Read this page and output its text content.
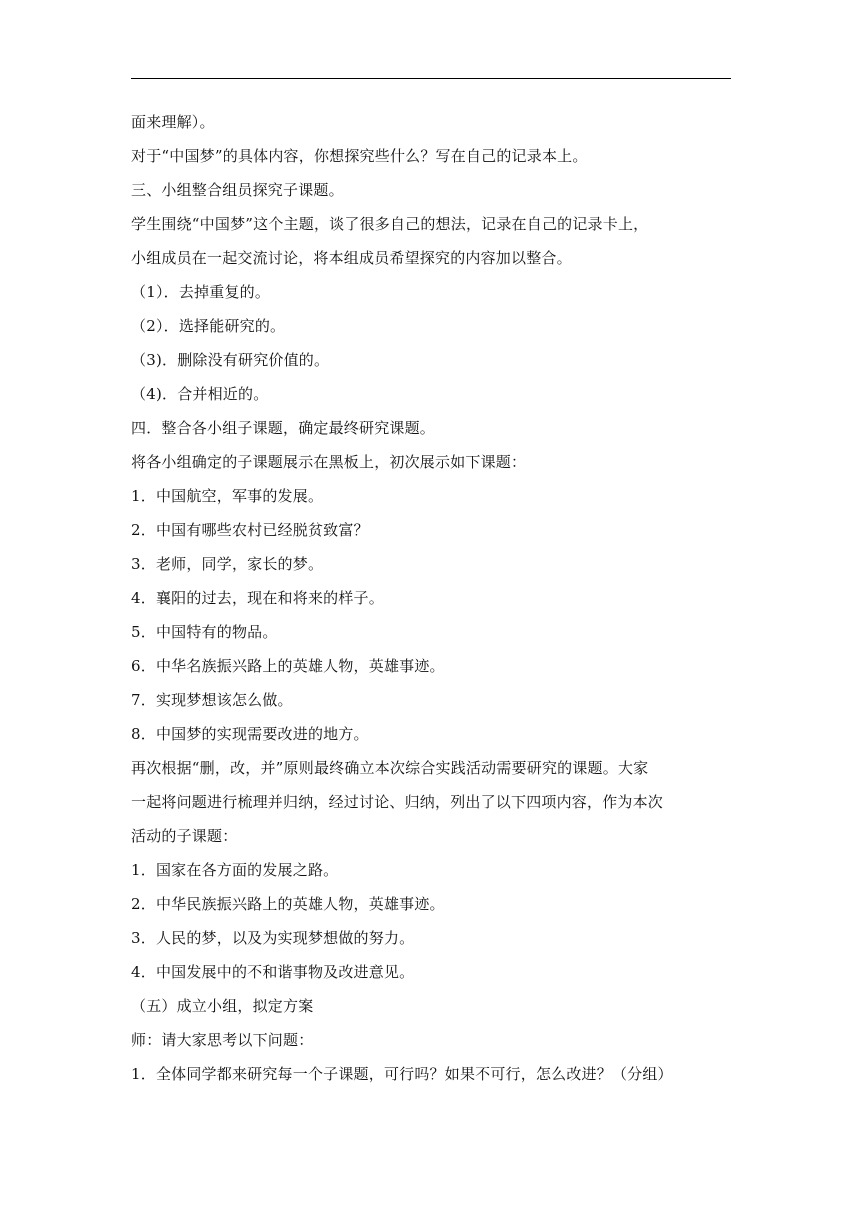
面来理解）。
对于“中国梦”的具体内容，你想探究些什么？写在自己的记录本上。
三、小组整合组员探究子课题。
学生围绕“中国梦”这个主题，谈了很多自己的想法，记录在自己的记录卡上，
小组成员在一起交流讨论，将本组成员希望探究的内容加以整合。
（1）．去掉重复的。
（2）．选择能研究的。
（3)．删除没有研究价值的。
（4)．合并相近的。
四．整合各小组子课题，确定最终研究课题。
将各小组确定的子课题展示在黑板上，初次展示如下课题：
1．中国航空，军事的发展。
2．中国有哪些农村已经脱贫致富？
3．老师，同学，家长的梦。
4．襄阳的过去，现在和将来的样子。
5．中国特有的物品。
6．中华名族振兴路上的英雄人物，英雄事迹。
7．实现梦想该怎么做。
8．中国梦的实现需要改进的地方。
再次根据“删，改，并”原则最终确立本次综合实践活动需要研究的课题。大家
一起将问题进行梳理并归纳，经过讨论、归纳，列出了以下四项内容，作为本次
活动的子课题：
1．国家在各方面的发展之路。
2．中华民族振兴路上的英雄人物，英雄事迹。
3．人民的梦，以及为实现梦想做的努力。
4．中国发展中的不和谐事物及改进意见。
（五）成立小组，拟定方案
师：请大家思考以下问题：
1．全体同学都来研究每一个子课题，可行吗？如果不可行，怎么改进？（分组）
